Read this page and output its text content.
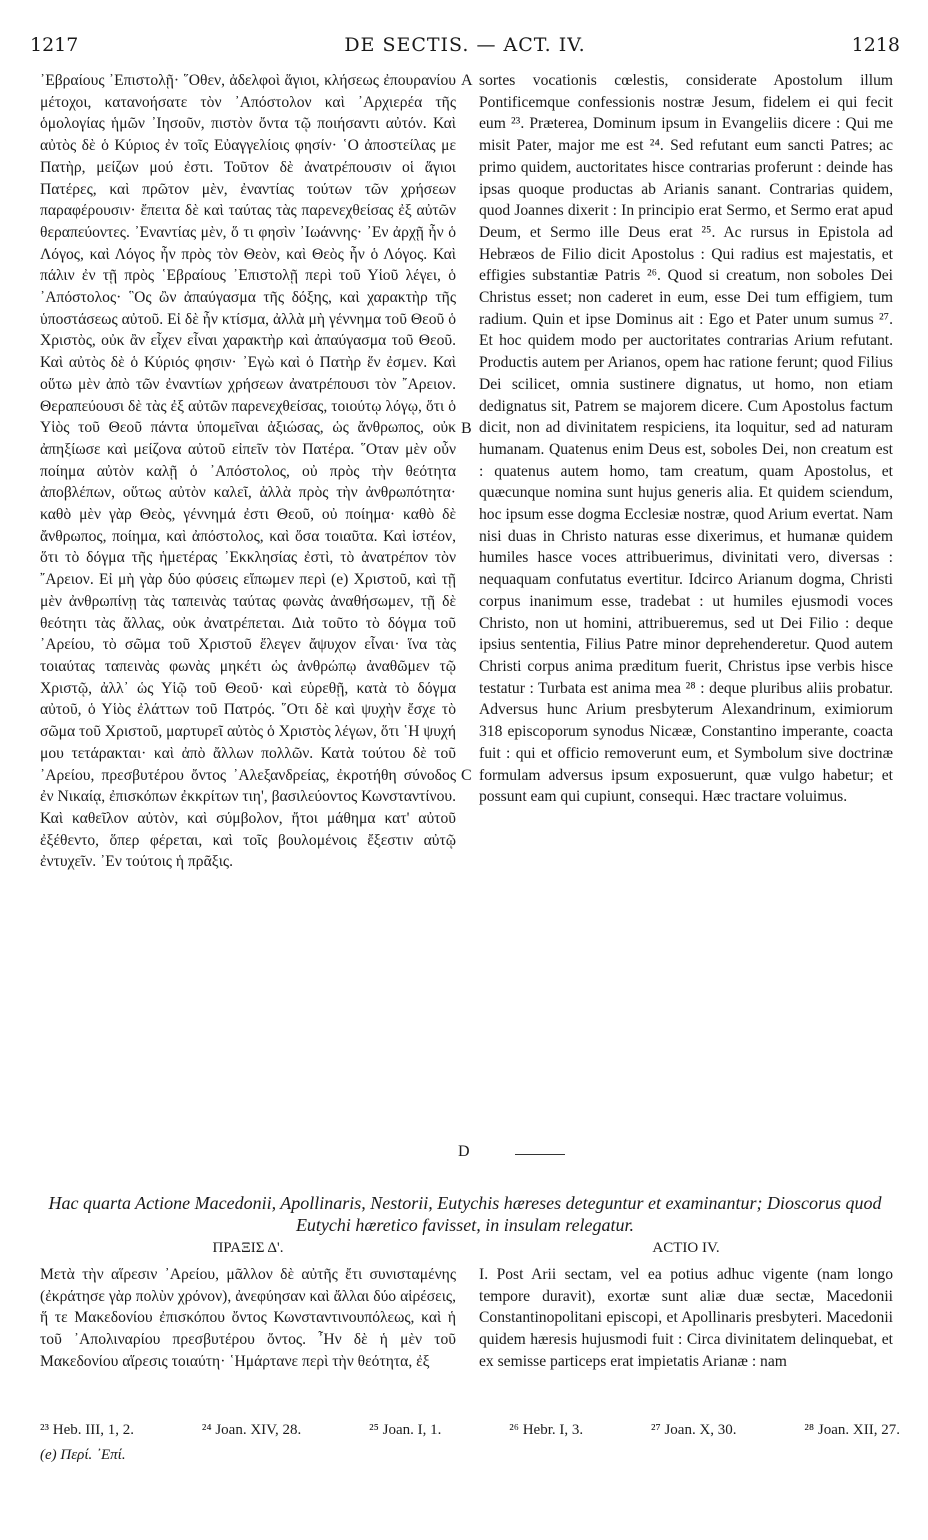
1217	DE SECTIS. — ACT. IV.	1218

᾿Εβραίους ᾿Επιστολῇ· ῞Οθεν, ἀδελφοὶ ἅγιοι, κλήσεως ἐπουρανίου μέτοχοι, κατανοήσατε τὸν ᾿Απόστολον καὶ ᾿Αρχιερέα τῆς ὁμολογίας ἡμῶν ᾿Ιησοῦν, πιστὸν ὄντα τῷ ποιήσαντι αὐτόν. Καὶ αὐτὸς δὲ ὁ Κύριος ἐν τοῖς Εὐαγγελίοις φησίν· ῾Ο ἀποστείλας με Πατὴρ, μείζων μού ἐστι. Τοῦτον δὲ ἀνατρέπουσιν οἱ ἅγιοι Πατέρες, καὶ πρῶτον μὲν, ἐναντίας τούτων τῶν χρήσεων παραφέρουσιν· ἔπειτα δὲ καὶ ταύτας τὰς παρενεχθείσας ἐξ αὐτῶν θεραπεύοντες. ᾿Εναντίας μὲν, ὅ τι φησὶν ᾿Ιωάννης· ᾿Εν ἀρχῇ ἦν ὁ Λόγος, καὶ Λόγος ἦν πρὸς τὸν Θεὸν, καὶ Θεὸς ἦν ὁ Λόγος. Καὶ πάλιν ἐν τῇ πρὸς ῾Εβραίους ᾿Επιστολῇ περὶ τοῦ Υἱοῦ λέγει, ὁ ᾿Απόστολος· ῝Ος ὢν ἀπαύγασμα τῆς δόξης, καὶ χαρακτὴρ τῆς ὑποστάσεως αὐτοῦ. Εἰ δὲ ἦν κτίσμα, ἀλλὰ μὴ γέννημα τοῦ Θεοῦ ὁ Χριστὸς, οὐκ ἂν εἶχεν εἶναι χαρακτὴρ καὶ ἀπαύγασμα τοῦ Θεοῦ. Καὶ αὐτὸς δὲ ὁ Κύριός φησιν· ᾿Εγὼ καὶ ὁ Πατὴρ ἕν ἐσμεν. Καὶ οὕτω μὲν ἀπὸ τῶν ἐναντίων χρήσεων ἀνατρέπουσι τὸν ῎Αρειον. Θεραπεύουσι δὲ τὰς ἐξ αὐτῶν παρενεχθείσας, τοιούτῳ λόγῳ, ὅτι ὁ Υἱὸς τοῦ Θεοῦ πάντα ὑπομεῖναι ἀξιώσας, ὡς ἄνθρωπος, οὐκ ἀπηξίωσε καὶ μείζονα αὐτοῦ εἰπεῖν τὸν Πατέρα. ῞Οταν μὲν οὖν ποίημα αὐτὸν καλῇ ὁ ᾿Απόστολος, οὐ πρὸς τὴν θεότητα ἀποβλέπων, οὕτως αὐτὸν καλεῖ, ἀλλὰ πρὸς τὴν ἀνθρωπότητα· καθὸ μὲν γὰρ Θεὸς, γέννημά ἐστι Θεοῦ, οὐ ποίημα· καθὸ δὲ ἄνθρωπος, ποίημα, καὶ ἀπόστολος, καὶ ὅσα τοιαῦτα. Καὶ ἰστέον, ὅτι τὸ δόγμα τῆς ἡμετέρας ᾿Εκκλησίας ἐστὶ, τὸ ἀνατρέπον τὸν ῎Αρειον. Εἰ μὴ γὰρ δύο φύσεις εἴπωμεν περὶ (e) Χριστοῦ, καὶ τῇ μὲν ἀνθρωπίνῃ τὰς ταπεινὰς ταύτας φωνὰς ἀναθήσωμεν, τῇ δὲ θεότητι τὰς ἄλλας, οὐκ ἀνατρέπεται. Διὰ τοῦτο τὸ δόγμα τοῦ ᾿Αρείου, τὸ σῶμα τοῦ Χριστοῦ ἔλεγεν ἄψυχον εἶναι· ἵνα τὰς τοιαύτας ταπεινὰς φωνὰς μηκέτι ὡς ἀνθρώπῳ ἀναθῶμεν τῷ Χριστῷ, ἀλλ᾿ ὡς Υἱῷ τοῦ Θεοῦ· καὶ εὑρεθῇ, κατὰ τὸ δόγμα αὐτοῦ, ὁ Υἱὸς ἐλάττων τοῦ Πατρός. ῞Οτι δὲ καὶ ψυχὴν ἔσχε τὸ σῶμα τοῦ Χριστοῦ, μαρτυρεῖ αὐτὸς ὁ Χριστὸς λέγων, ὅτι ῾Η ψυχή μου τετάρακται· καὶ ἀπὸ ἄλλων πολλῶν. Κατὰ τούτου δὲ τοῦ ᾿Αρείου, πρεσβυτέρου ὄντος ᾿Αλεξανδρείας, ἐκροτήθη σύνοδος ἐν Νικαίᾳ, ἐπισκόπων ἐκκρίτων τιη', βασιλεύοντος Κωνσταντίνου. Καὶ καθεῖλον αὐτὸν, καὶ σύμβολον, ἤτοι μάθημα κατ' αὐτοῦ ἐξέθεντο, ὅπερ φέρεται, καὶ τοῖς βουλομένοις ἔξεστιν αὐτῷ ἐντυχεῖν. ᾿Εν τούτοις ἡ πρᾶξις.

A
B
C
D

sortes vocationis cœlestis, considerate Apostolum illum Pontificemque confessionis nostræ Jesum, fidelem ei qui fecit eum ²³. Præterea, Dominum ipsum in Evangeliis dicere : Qui me misit Pater, major me est ²⁴. Sed refutant eum sancti Patres; ac primo quidem, auctoritates hisce contrarias proferunt : deinde has ipsas quoque productas ab Arianis sanant. Contrarias quidem, quod Joannes dixerit : In principio erat Sermo, et Sermo erat apud Deum, et Sermo ille Deus erat ²⁵. Ac rursus in Epistola ad Hebræos de Filio dicit Apostolus : Qui radius est majestatis, et effigies substantiæ Patris ²⁶. Quod si creatum, non soboles Dei Christus esset; non caderet in eum, esse Dei tum effigiem, tum radium. Quin et ipse Dominus ait : Ego et Pater unum sumus ²⁷. Et hoc quidem modo per auctoritates contrarias Arium refutant. Productis autem per Arianos, opem hac ratione ferunt; quod Filius Dei scilicet, omnia sustinere dignatus, ut homo, non etiam dedignatus sit, Patrem se majorem dicere. Cum Apostolus factum dicit, non ad divinitatem respiciens, ita loquitur, sed ad naturam humanam. Quatenus enim Deus est, soboles Dei, non creatum est : quatenus autem homo, tam creatum, quam Apostolus, et quæcunque nomina sunt hujus generis alia. Et quidem sciendum, hoc ipsum esse dogma Ecclesiæ nostræ, quod Arium evertat. Nam nisi duas in Christo naturas esse dixerimus, et humanæ quidem humiles hasce voces attribuerimus, divinitati vero, diversas : nequaquam confutatus evertitur. Idcirco Arianum dogma, Christi corpus inanimum esse, tradebat : ut humiles ejusmodi voces Christo, non ut homini, attribueremus, sed ut Dei Filio : deque ipsius sententia, Filius Patre minor deprehenderetur. Quod autem Christi corpus anima præditum fuerit, Christus ipse verbis hisce testatur : Turbata est anima mea ²⁸ : deque pluribus aliis probatur. Adversus hunc Arium presbyterum Alexandrinum, eximiorum 318 episcoporum synodus Nicææ, Constantino imperante, coacta fuit : qui et officio removerunt eum, et Symbolum sive doctrinæ formulam adversus ipsum exposuerunt, quæ vulgo habetur; et possunt eam qui cupiunt, consequi. Hæc tractare voluimus.

Hac quarta Actione Macedonii, Apollinaris, Nestorii, Eutychis hæreses deteguntur et examinantur; Dioscorus quod Eutychi hæretico favisset, in insulam relegatur.
ΠΡΑΞΙΣ Δ'.	ACTIO IV.

Μετὰ τὴν αἵρεσιν ᾿Αρείου, μᾶλλον δὲ αὐτῆς ἔτι συνισταμένης (ἐκράτησε γὰρ πολὺν χρόνον), ἀνεφύησαν καὶ ἄλλαι δύο αἱρέσεις, ἥ τε Μακεδονίου ἐπισκόπου ὄντος Κωνσταντινουπόλεως, καὶ ἡ τοῦ ᾿Απολιναρίου πρεσβυτέρου ὄντος. ῏Ην δὲ ἡ μὲν τοῦ Μακεδονίου αἵρεσις τοιαύτη· ῾Ημάρτανε περὶ τὴν θεότητα, ἐξ

I. Post Arii sectam, vel ea potius adhuc vigente (nam longo tempore duravit), exortæ sunt aliæ duæ sectæ, Macedonii Constantinopolitani episcopi, et Apollinaris presbyteri. Macedonii quidem hæresis hujusmodi fuit : Circa divinitatem delinquebat, et ex semisse particeps erat impietatis Arianæ : nam

²³ Heb. III, 1, 2.	²⁴ Joan. XIV, 28.	²⁵ Joan. I, 1.	²⁶ Hebr. I, 3.	²⁷ Joan. X, 30.	²⁸ Joan. XII, 27.
(e) Περί. ᾿Επί.
